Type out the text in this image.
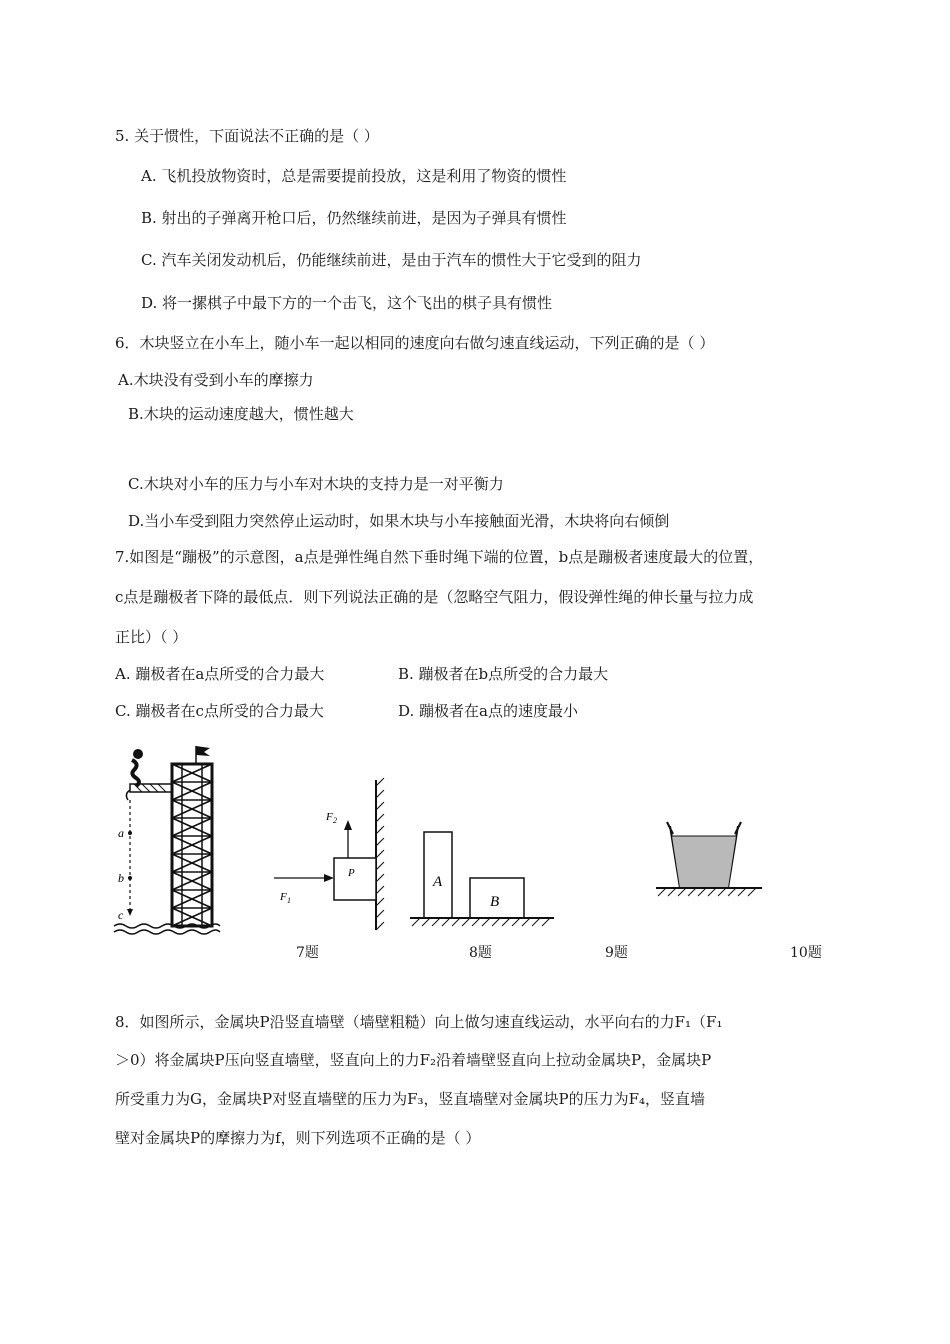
5. 关于惯性，下面说法不正确的是（ ）
A. 飞机投放物资时，总是需要提前投放，这是利用了物资的惯性
B. 射出的子弹离开枪口后，仍然继续前进，是因为子弹具有惯性
C. 汽车关闭发动机后，仍能继续前进，是由于汽车的惯性大于它受到的阻力
D. 将一摞棋子中最下方的一个击飞，这个飞出的棋子具有惯性
6．木块竖立在小车上，随小车一起以相同的速度向右做匀速直线运动，下列正确的是（ ）
A.木块没有受到小车的摩擦力
B.木块的运动速度越大，惯性越大
C.木块对小车的压力与小车对木块的支持力是一对平衡力
D.当小车受到阻力突然停止运动时，如果木块与小车接触面光滑，木块将向右倾倒
7.如图是“蹦极”的示意图，a点是弹性绳自然下垂时绳下端的位置，b点是蹦极者速度最大的位置，
c点是蹦极者下降的最低点．则下列说法正确的是（忽略空气阻力，假设弹性绳的伸长量与拉力成
正比）（ ）
A. 蹦极者在a点所受的合力最大	B. 蹦极者在b点所受的合力最大
C. 蹦极者在c点所受的合力最大	D. 蹦极者在a点的速度最小
a
b
c
P
F 2
F 1
A
B
7题	8题	9题	10题
8．如图所示，金属块P沿竖直墙壁（墙壁粗糙）向上做匀速直线运动，水平向右的力F₁（F₁
＞0）将金属块P压向竖直墙壁，竖直向上的力F₂沿着墙壁竖直向上拉动金属块P，金属块P
所受重力为G，金属块P对竖直墙壁的压力为F₃，竖直墙壁对金属块P的压力为F₄，竖直墙
壁对金属块P的摩擦力为f，则下列选项不正确的是（ ）
